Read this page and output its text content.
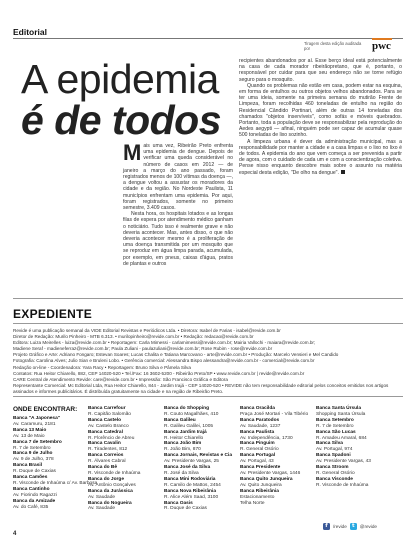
Editorial
Tiragem desta edição auditada por	pwc
A epidemia
é de todos

Mais uma vez, Ribeirão Preto enfrenta uma epidemia de dengue. Depois de verificar uma queda considerável no número de casos em 2012 — de janeiro a março do ano passado, foram registrados menos de 100 vítimas da doença —, a dengue voltou a assustar os moradores da cidade e da região. No Nordeste Paulista, 11 municípios enfrentam uma epidemia. Por aqui, foram registrados, somente no primeiro semestre, 3.409 casos.

Nesta hora, os hospitais lotados e as longas filas de espera por atendimento médico ganham o noticiário. Tudo isso é realmente grave e não deveria acontecer. Mas, antes disso, o que não deveria acontecer mesmo é a proliferação de uma doença transmitida por um mosquito que se reproduz em água limpa parada, acumulada, por exemplo, em pneus, caixas d'água, pratos de plantas e outros

recipientes abandonados por aí. Esse berço ideal está potencialmente na casa de cada morador ribeirãopretano, que é, portanto, o responsável por cuidar para que seu endereço não se torne refúgio seguro para o mosquito.

Quando os problemas não estão em casa, podem estar na esquina, em forma de entulhos ou outros objetos velhos abandonados. Para se ter uma ideia, somente na primeira semana do mutirão Frente de Limpeza, foram recolhidas 460 toneladas de entulho na região do Residencial Cândido Portinari, além de outras 14 toneladas dos chamados "objetos inservíveis", como sofás e móveis quebrados. Portanto, toda a população deve se responsabilizar pela reprodução do Aedes aegypti — afinal, ninguém pode ser capaz de acumular quase 500 toneladas de lixo sozinho.

A limpeza urbana é dever da administração municipal, mas a responsabilidade por manter a cidade e a casa limpas e o lixo no lixo é de todos. A epidemia do ano que vem começa a ser prevenida a partir de agora, com o cuidado de cada um e com a conscientização coletiva. Pense nisso enquanto descobre mais sobre o assunto na matéria especial desta edição, "De olho na dengue".

EXPEDIENTE
Revide é uma publicação semanal da VIDE Editorial Revistas e Periódicos Ltda. • Diretora: Isabel de Farias - isabel@revide.com.br
Diretor de Redação: Murilo Pinheiro - MTB 6.313. • murilopinheiro@revide.com.br • Redação: redacao@revide.com.br
Editora: Luiza Meirelles - luiza@revide.com.br • Reportagem: Carla Mimessi - carlamimessi@revide.com.br; Mairia Vallochi - maiara@revide.com.br;
Madiene Seraf - madieneferraz@revide.com.br; Paula Zuliani - paulazuliani@revide.com.br; Rose Rubim - rose@revide.com.br
Projeto Gráfico e Arte: Adriano Fongaro; Estevan Soares; Lucas Chalita e Tatiana Marcovano - arte@revide.com.br • Produção: Marcelo Vensieri e Mel Candido
Fotografia: Carolina Alves; Julio Sian e Bruleni Lobo. • Gerência comercial: Alessandra Bispo alessandra@revide.com.br - comercial@revide.com.br
Redação on-line - Coordenadora: Yara Racy • Reportagem: Bruno Silva e Pâmela Silva
Contatos: Rua Heitor Chiarello, 882, CEP 14020-520 • Tel./Fax: 16 3602-5200 - Ribeirão Preto/SP • www.revide.com.br | revide@revide.com.br
CARE Central de Atendimento Revide: care@revide.com.br • Impressão: São Francisco Gráfica e Editora
Representante Comercial: Mc Editorial Ltda, Rua Heitor Chiarello, 844 - Jardim Irajá - CEP 14020-520 • REVIDE não tem responsabilidade editorial pelos conceitos emitidos nos artigos assinados e informes publicitários. É distribuída gratuitamente na cidade e na região de Ribeirão Preto.
ONDE ENCONTRAR:
Banca "A Japonesa"
Av. Caramuru, 2181
Banca 13 Maio
Av. 13 de Maio
Banca 7 de Setembro
R. 7 de Setembro
Banca 9 de Julho
Av. 9 de Julho, 378
Banca Brasil
R. Duque de Caxias
Banca Camões
R. Visconde de Inhaúma c/ Av. Barbosa
Banca Cantinho
Av. Fiorindo Ragazzi
Banca da Amizade
Av. do Café, 835
Banca Carrefour
R. Capitão Salomão
Banca Castelo
Av. Castelo Branco
Banca Catedral
R. Florêncio de Abreu
Banca Cavalin
R. Tiradentes, 812
Banca Correios
R. Álvares Cabral
Banca do Bê
R. Visconde de Inhaúma
Banca do Jorge
Av. Antônio Gonçalves
Banca da Jurássica
Av. Saudade
Banca do Nogueira
Av. Saudade
Banca do Shopping
R. Couto Magalhães, 410
Banca Galileu
R. Galileu Galilei, 1005
Banca Jardim Irajá
R. Heitor Chiarello
Banca João Bim
R. João Bim, 870
Banca Jornais, Revistas e Cia
Av. Presidente Vargas, 25
Banca José da Silva
R. José da Silva
Banca Mini Rodoviária
R. Camilo de Mattos, 2454
Banca Nova Ribeirânia
R. Alice Além Saad, 3100
Banca Oasis
R. Duque de Caxias
Banca Oracilda
Praça José Mortari - Vila Tibério
Banca Paratodos
Av. Saudade, 1237
Banca Paulista
Av. Independência, 1730
Banca Pinguim
R. General Osório
Banca Portugal
Av. Portugal, 43
Banca Presidente
Av. Presidente Vargas, 1446
Banca Quito Junqueira
Av. Quito Junqueira
Banca Ribeirânia
Estacionamento
Telha Norte
Banca Santa Úrsula
Shopping Santa Úrsula
Banca Setembro
R. 7 de Setembro
Banca São Lucas
R. Amadeu Amaral, 684
Banca Silva
Av. Portugal, 974
Banca Spadoni
Av. Presidente Vargas, 43
Banca Stroom
R. General Osório
Banca Visconde
R. Visconde de Inhaúma
f	/revide t	@revide
4
